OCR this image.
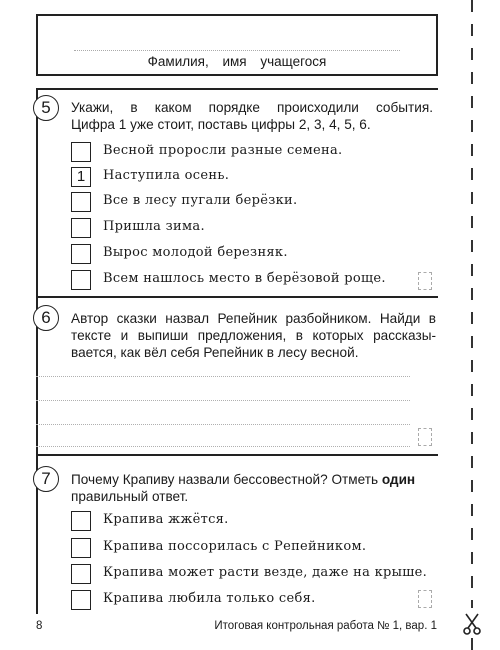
Фамилия, имя учащегося
5	Укажи, в каком порядке происходили события.
Цифра 1 уже стоит, поставь цифры 2, 3, 4, 5, 6.
Весной проросли разные семена.
1	Наступила осень.
Все в лесу пугали берёзки.
Пришла зима.
Вырос молодой березняк.
Всем нашлось место в берёзовой роще.
6	Автор сказки назвал Репейник разбойником. Найди в
тексте и выпиши предложения, в которых рассказы-
вается, как вёл себя Репейник в лесу весной.
7	Почему Крапиву назвали бессовестной? Отметь один
правильный ответ.
Крапива жжётся.
Крапива поссорилась с Репейником.
Крапива может расти везде, даже на крыше.
Крапива любила только себя.
8	Итоговая контрольная работа № 1, вар. 1
